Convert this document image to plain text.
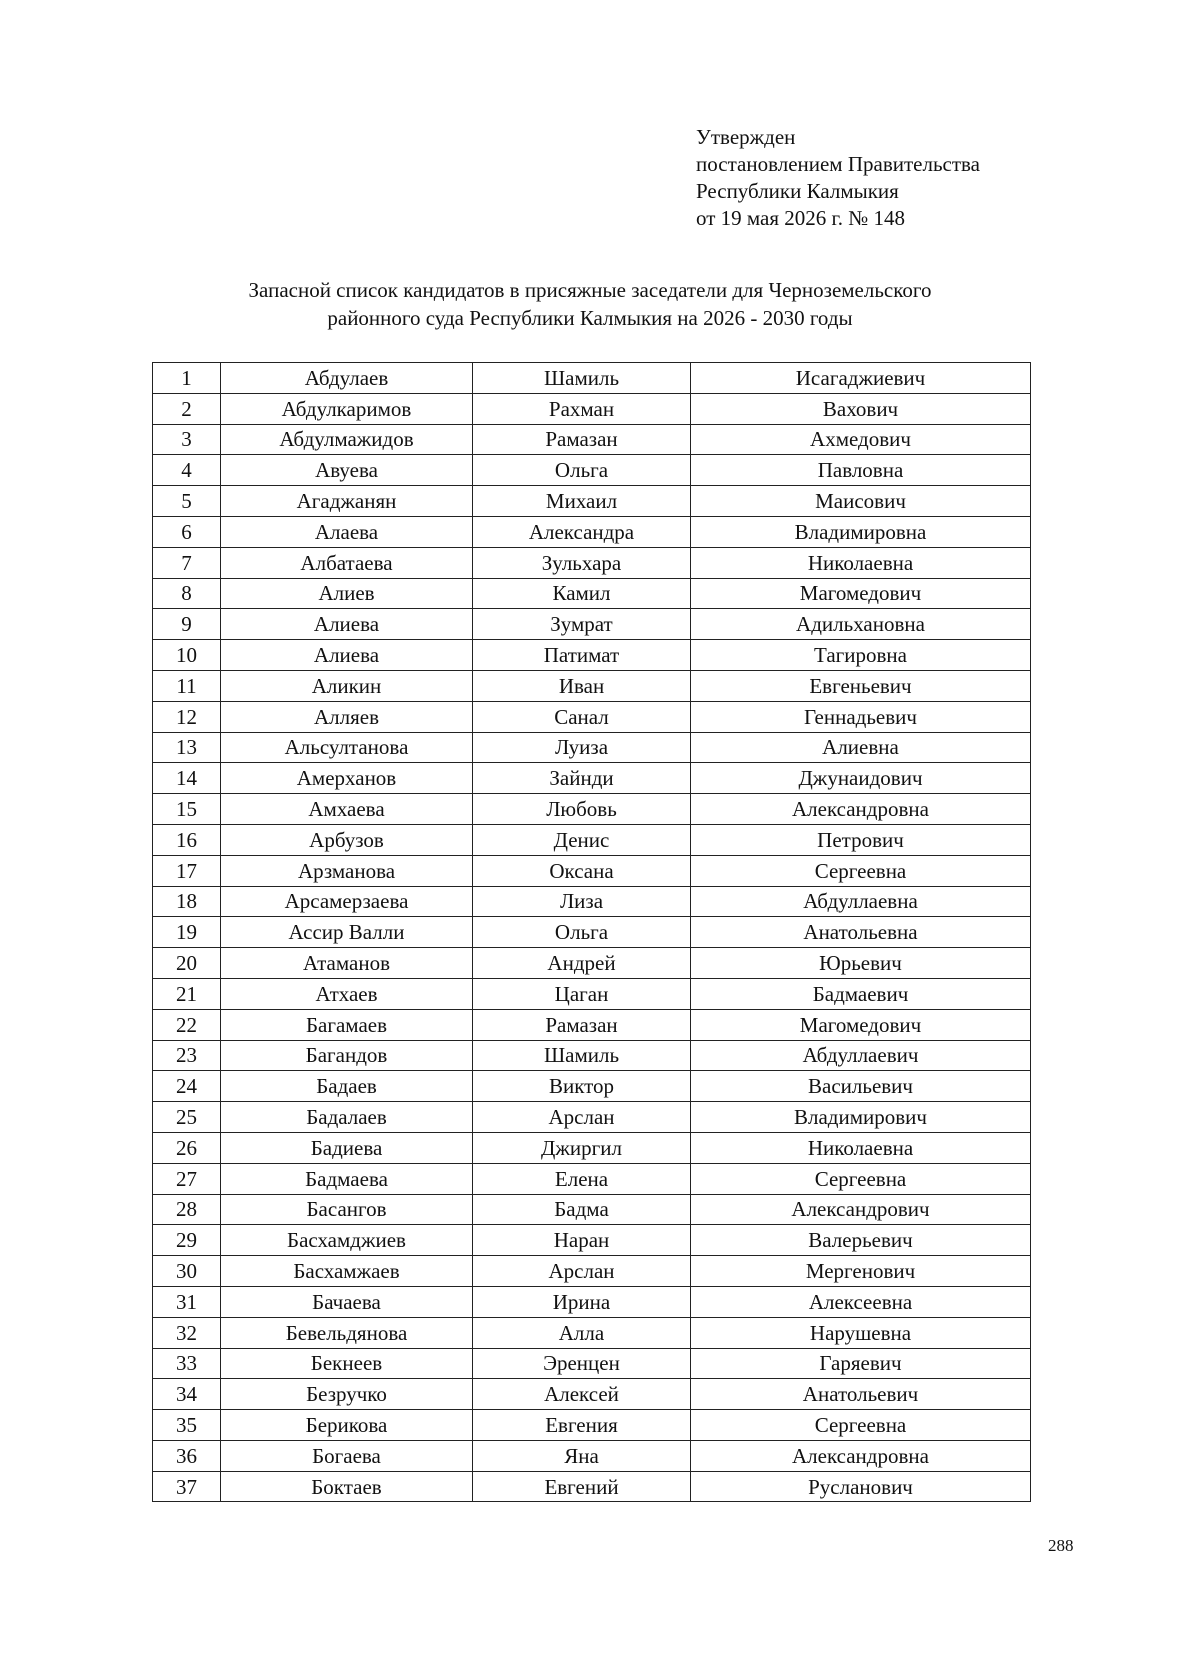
Утвержден
постановлением Правительства
Республики Калмыкия
от 19 мая 2026 г. № 148
Запасной список кандидатов в присяжные заседатели для Черноземельского
районного суда Республики Калмыкия на 2026 - 2030 годы
1	Абдулаев	Шамиль	Исагаджиевич
2	Абдулкаримов	Рахман	Вахович
3	Абдулмажидов	Рамазан	Ахмедович
4	Авуева	Ольга	Павловна
5	Агаджанян	Михаил	Маисович
6	Алаева	Александра	Владимировна
7	Албатаева	Зульхара	Николаевна
8	Алиев	Камил	Магомедович
9	Алиева	Зумрат	Адильхановна
10	Алиева	Патимат	Тагировна
11	Аликин	Иван	Евгеньевич
12	Алляев	Санал	Геннадьевич
13	Альсултанова	Луиза	Алиевна
14	Амерханов	Зайнди	Джунаидович
15	Амхаева	Любовь	Александровна
16	Арбузов	Денис	Петрович
17	Арзманова	Оксана	Сергеевна
18	Арсамерзаева	Лиза	Абдуллаевна
19	Ассир Валли	Ольга	Анатольевна
20	Атаманов	Андрей	Юрьевич
21	Атхаев	Цаган	Бадмаевич
22	Багамаев	Рамазан	Магомедович
23	Багандов	Шамиль	Абдуллаевич
24	Бадаев	Виктор	Васильевич
25	Бадалаев	Арслан	Владимирович
26	Бадиева	Джиргил	Николаевна
27	Бадмаева	Елена	Сергеевна
28	Басангов	Бадма	Александрович
29	Басхамджиев	Наран	Валерьевич
30	Басхамжаев	Арслан	Мергенович
31	Бачаева	Ирина	Алексеевна
32	Бевельдянова	Алла	Нарушевна
33	Бекнеев	Эренцен	Гаряевич
34	Безручко	Алексей	Анатольевич
35	Берикова	Евгения	Сергеевна
36	Богаева	Яна	Александровна
37	Боктаев	Евгений	Русланович
288
